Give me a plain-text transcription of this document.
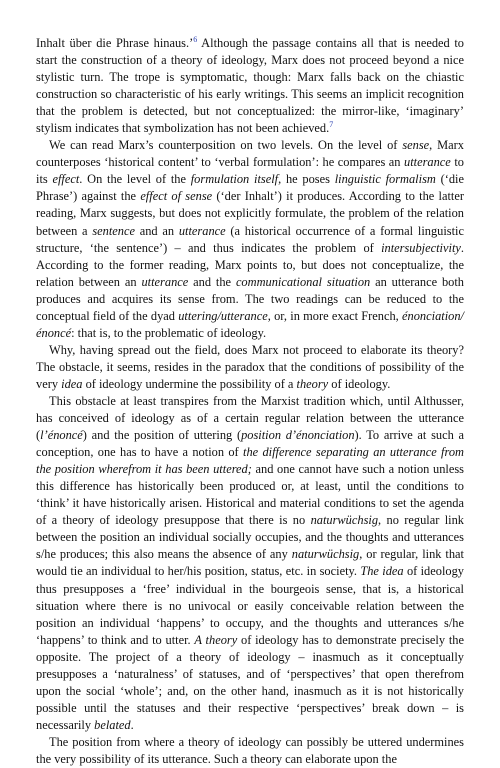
Inhalt über die Phrase hinaus.’$^6$ Although the passage contains all that is needed to start the construction of a theory of ideology, Marx does not proceed beyond a nice stylistic turn. The trope is symptomatic, though: Marx falls back on the chiastic construction so characteristic of his early writings. This seems an implicit recognition that the problem is detected, but not conceptualized: the mirror-like, ‘imaginary’ stylism indicates that symbolization has not been achieved.$^7$

We can read Marx’s counterposition on two levels. On the level of sense, Marx counterposes ‘historical content’ to ‘verbal formulation’: he compares an utterance to its effect. On the level of the formulation itself, he poses linguistic formalism (‘die Phrase’) against the effect of sense (‘der Inhalt’) it produces. According to the latter reading, Marx suggests, but does not explicitly formulate, the problem of the relation between a sentence and an utterance (a historical occurrence of a formal linguistic structure, ‘the sentence’) – and thus indicates the problem of intersubjectivity. According to the former reading, Marx points to, but does not conceptualize, the relation between an utterance and the communicational situation an utterance both produces and acquires its sense from. The two readings can be reduced to the conceptual field of the dyad uttering/utterance, or, in more exact French, énonciation/énoncé: that is, to the problematic of ideology.

Why, having spread out the field, does Marx not proceed to elaborate its theory? The obstacle, it seems, resides in the paradox that the conditions of possibility of the very idea of ideology undermine the possibility of a theory of ideology.

This obstacle at least transpires from the Marxist tradition which, until Althusser, has conceived of ideology as of a certain regular relation between the utterance (l’énoncé) and the position of uttering (position d’énonciation). To arrive at such a conception, one has to have a notion of the difference separating an utterance from the position wherefrom it has been uttered; and one cannot have such a notion unless this difference has historically been produced or, at least, until the conditions to ‘think’ it have historically arisen. Historical and material conditions to set the agenda of a theory of ideology presuppose that there is no naturwüchsig, no regular link between the position an individual socially occupies, and the thoughts and utterances s/he produces; this also means the absence of any naturwüchsig, or regular, link that would tie an individual to her/his position, status, etc. in society. The idea of ideology thus presupposes a ‘free’ individual in the bourgeois sense, that is, a historical situation where there is no univocal or easily conceivable relation between the position an individual ‘happens’ to occupy, and the thoughts and utterances s/he ‘happens’ to think and to utter. A theory of ideology has to demonstrate precisely the opposite. The project of a theory of ideology – inasmuch as it conceptually presupposes a ‘naturalness’ of statuses, and of ‘perspectives’ that open therefrom upon the social ‘whole’; and, on the other hand, inasmuch as it is not historically possible until the statuses and their respective ‘perspectives’ break down – is necessarily belated.

The position from where a theory of ideology can possibly be uttered undermines the very possibility of its utterance. Such a theory can elaborate upon the
